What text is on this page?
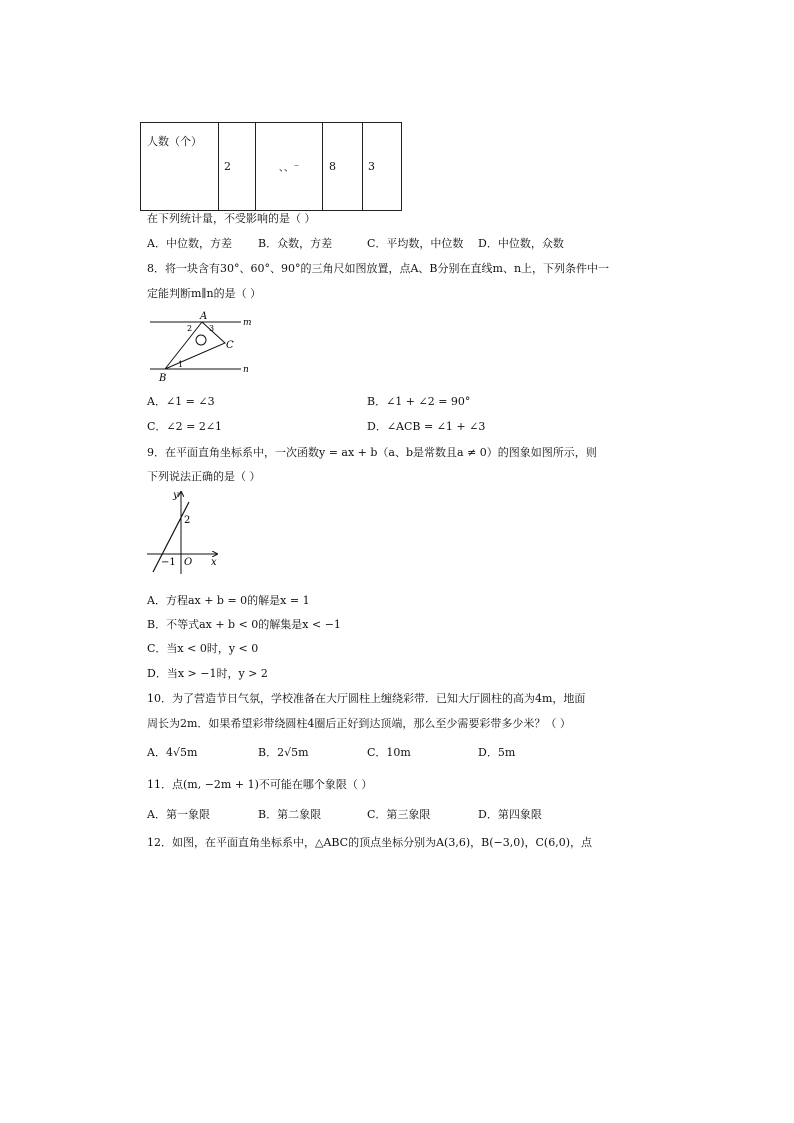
人数（个）	2	、、⁻	8	3
在下列统计量，不受影响的是（ ）
A．中位数，方差 B．众数，方差	C．平均数，中位数 D．中位数，众数
8．将一块含有30°、60°、90°的三角尺如图放置，点A、B分别在直线m、n上，下列条件中一
定能判断m∥n的是（ ）
A
B
C
m
n
1
2 3
A．∠1 = ∠3	B．∠1 + ∠2 = 90°
C．∠2 = 2∠1	D．∠ACB = ∠1 + ∠3
9．在平面直角坐标系中，一次函数y = ax + b（a、b是常数且a ≠ 0）的图象如图所示，则
下列说法正确的是（ ）
y
x
O
2
−1
A．方程ax + b = 0的解是x = 1
B．不等式ax + b < 0的解集是x < −1
C．当x < 0时，y < 0
D．当x > −1时，y > 2
10．为了营造节日气氛，学校准备在大厅圆柱上缠绕彩带．已知大厅圆柱的高为4m，地面
周长为2m．如果希望彩带绕圆柱4圈后正好到达顶端，那么至少需要彩带多少米？（ ）
A．4√5m	B．2√5m	C．10m	D．5m
11．点(m, −2m + 1)不可能在哪个象限（ ）
A．第一象限	B．第二象限	C．第三象限	D．第四象限
12．如图，在平面直角坐标系中，△ABC的顶点坐标分别为A(3,6)，B(−3,0)，C(6,0)，点
